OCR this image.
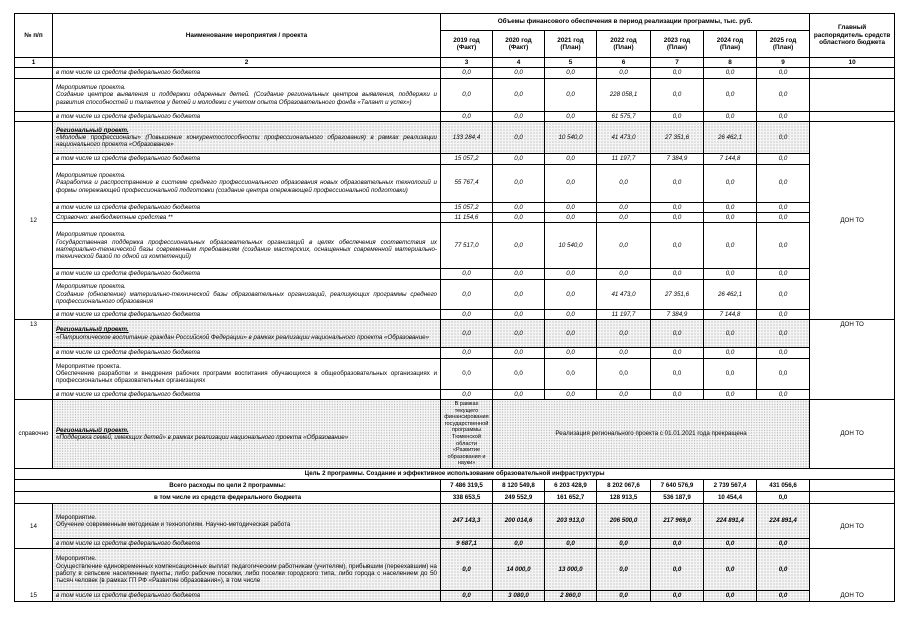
№ п/п	Наименование мероприятия / проекта	Объемы финансового обеспечения в период реализации программы, тыс. руб.							Главный распорядитель средств областного бюджета
		2019 год (Факт)	2020 год (Факт)	2021 год (План)	2022 год (План)	2023 год (План)	2024 год (План)	2025 год (План)	
1	2	3	4	5	6	7	8	9	10
	в том числе из средств федерального бюджета	0,0	0,0	0,0	0,0	0,0	0,0	0,0	
	Мероприятие проекта.
Создание центров выявления и поддержки одаренных детей. (Создание региональных центров выявления, поддержки и развития способностей и талантов у детей и молодежи с учетом опыта Образовательного фонда «Талант и успех»)	0,0	0,0	0,0	228 058,1	0,0	0,0	0,0	
	в том числе из средств федерального бюджета	0,0	0,0	0,0	61 575,7	0,0	0,0	0,0	
12	Региональный проект.
«Молодые профессионалы» (Повышение конкурентоспособности профессионального образования) в рамках реализации национального проекта «Образование»	133 284,4	0,0	10 540,0	41 473,0	27 351,6	26 462,1	0,0	ДОН ТО
	в том числе из средств федерального бюджета	15 057,2	0,0	0,0	11 197,7	7 384,9	7 144,8	0,0	
	Мероприятие проекта.
Разработка и распространение в системе среднего профессионального образования новых образовательных технологий и формы опережающей профессиональной подготовки (создание центра опережающей профессиональной подготовки)	55 767,4	0,0	0,0	0,0	0,0	0,0	0,0	
	в том числе из средств федерального бюджета	15 057,2	0,0	0,0	0,0	0,0	0,0	0,0	
	Справочно: внебюджетные средства **	11 154,6	0,0	0,0	0,0	0,0	0,0	0,0	
	Мероприятие проекта.
Государственная поддержка профессиональных образовательных организаций в целях обеспечения соответствия их материально-технической базы современным требованиям (создание мастерских, оснащенных современной материально-технической базой по одной из компетенций)	77 517,0	0,0	10 540,0	0,0	0,0	0,0	0,0	
	в том числе из средств федерального бюджета	0,0	0,0	0,0	0,0	0,0	0,0	0,0	
	Мероприятие проекта.
Создание (обновление) материально-технической базы образовательных организаций, реализующих программы среднего профессионального образования	0,0	0,0	0,0	41 473,0	27 351,6	26 462,1	0,0	
	в том числе из средств федерального бюджета	0,0	0,0	0,0	11 197,7	7 384,9	7 144,8	0,0	
13	Региональный проект.
«Патриотическое воспитание граждан Российской Федерации» в рамках реализации национального проекта «Образование»	0,0	0,0	0,0	0,0	0,0	0,0	0,0	ДОН ТО
	в том числе из средств федерального бюджета	0,0	0,0	0,0	0,0	0,0	0,0	0,0	
	Мероприятие проекта.
Обеспечение разработки и внедрения рабочих программ воспитания обучающихся в общеобразовательных организациях и профессиональных образовательных организациях	0,0	0,0	0,0	0,0	0,0	0,0	0,0	
	в том числе из средств федерального бюджета	0,0	0,0	0,0	0,0	0,0	0,0	0,0	
справочно	Региональный проект.
«Поддержка семей, имеющих детей» в рамках реализации национального проекта «Образование»	В рамках текущего финансирования государственной программы Тюменской области «Развитие образования и науки»	Реализация регионального проекта с 01.01.2021 года прекращена						ДОН ТО
Цель 2 программы. Создание и эффективное использование образовательной инфраструктуры									
Всего расходы по цели 2 программы:		7 486 319,5	8 120 549,8	6 203 428,9	8 202 067,6	7 640 576,9	2 739 567,4	431 056,6	
в том числе из средств федерального бюджета		338 653,5	249 552,9	161 652,7	128 913,5	536 187,9	10 454,4	0,0	
14	Мероприятие.
Обучение современным методикам и технологиям. Научно-методическая работа	247 143,3	200 014,6	203 913,0	206 500,0	217 969,0	224 891,4	224 891,4	ДОН ТО
	в том числе из средств федерального бюджета	9 687,1	0,0	0,0	0,0	0,0	0,0	0,0	
15	Мероприятие.
Осуществление единовременных компенсационных выплат педагогическим работникам (учителям), прибывшим (переехавшим) на работу в сельские населенные пункты, либо рабочие поселки, либо поселки городского типа, либо города с населением до 50 тысяч человек (в рамках ГП РФ «Развитие образования»), в том числе	0,0	14 000,0	13 000,0	0,0	0,0	0,0	0,0	ДОН ТО
	в том числе из средств федерального бюджета	0,0	3 080,0	2 860,0	0,0	0,0	0,0	0,0	
